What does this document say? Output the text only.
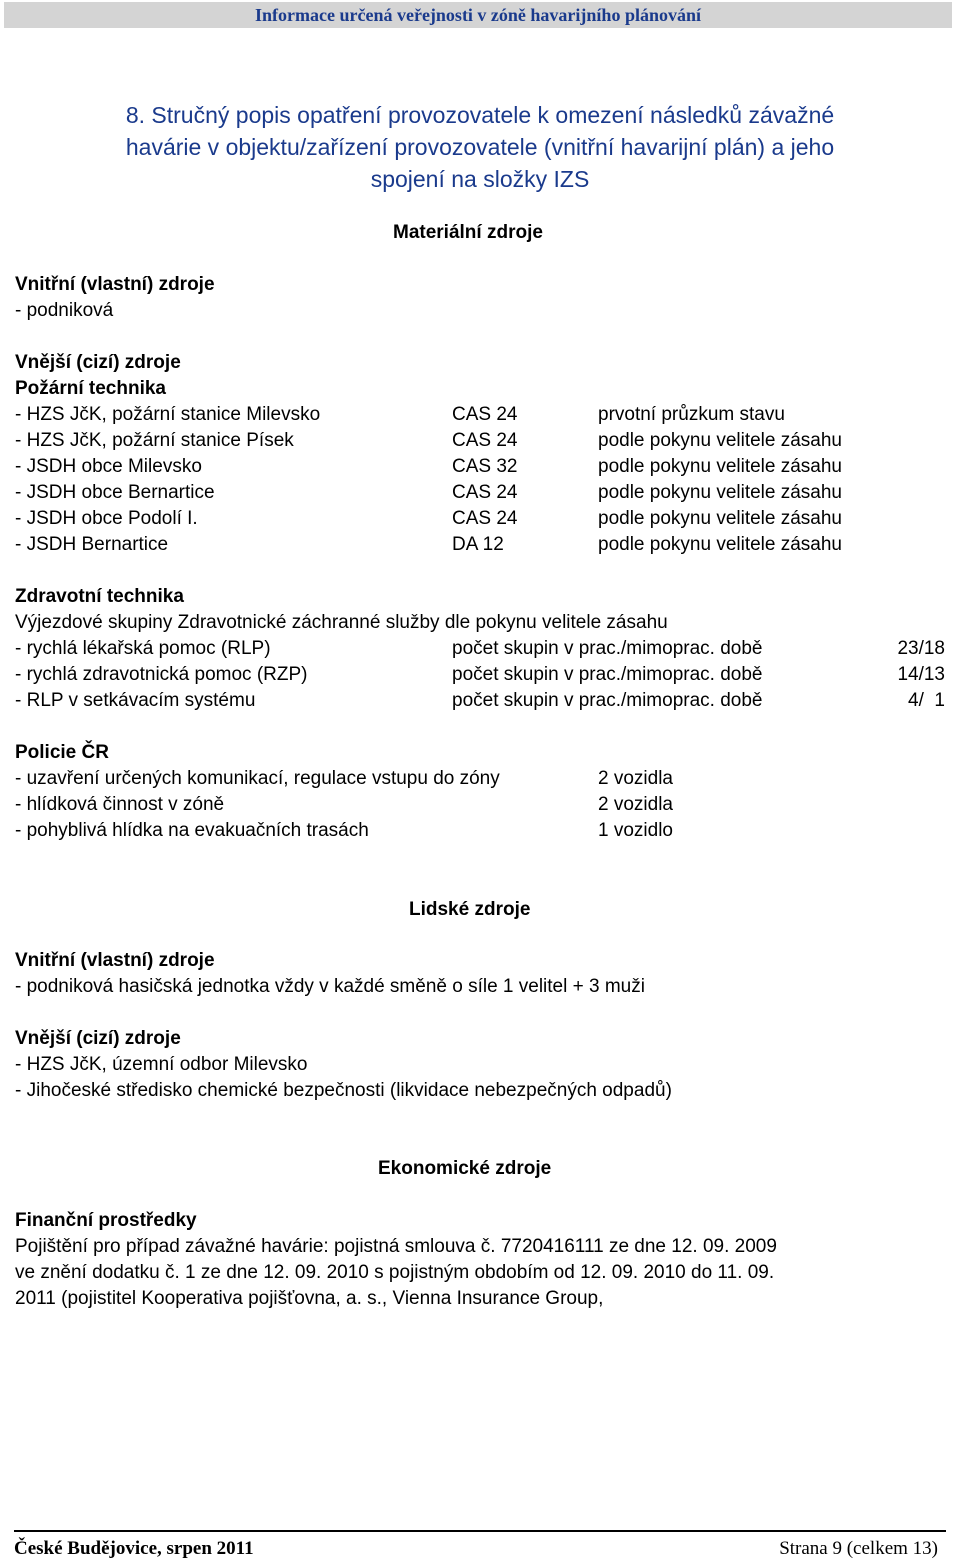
Informace určená veřejnosti v zóně havarijního plánování
8. Stručný popis opatření provozovatele k omezení následků závažné
havárie v objektu/zařízení provozovatele (vnitřní havarijní plán) a jeho
spojení na složky IZS
Materiální zdroje
Vnitřní (vlastní) zdroje
- podniková
Vnější (cizí) zdroje
Požární technika
- HZS JčK, požární stanice Milevsko	CAS 24	prvotní průzkum stavu
- HZS JčK, požární stanice Písek	CAS 24	podle pokynu velitele zásahu
- JSDH obce Milevsko	CAS 32	podle pokynu velitele zásahu
- JSDH obce Bernartice	CAS 24	podle pokynu velitele zásahu
- JSDH obce Podolí I.	CAS 24	podle pokynu velitele zásahu
- JSDH Bernartice	DA 12	podle pokynu velitele zásahu
Zdravotní technika
Výjezdové skupiny Zdravotnické záchranné služby dle pokynu velitele zásahu
- rychlá lékařská pomoc (RLP)	počet skupin v prac./mimoprac. době	23/18
- rychlá zdravotnická pomoc (RZP)	počet skupin v prac./mimoprac. době	14/13
- RLP v setkávacím systému	počet skupin v prac./mimoprac. době	4/  1
Policie ČR
- uzavření určených komunikací, regulace vstupu do zóny	2 vozidla
- hlídková činnost v zóně	2 vozidla
- pohyblivá hlídka na evakuačních trasách	1 vozidlo
Lidské zdroje
Vnitřní (vlastní) zdroje
- podniková hasičská jednotka vždy v každé směně o síle 1 velitel + 3 muži
Vnější (cizí) zdroje
- HZS JčK, územní odbor Milevsko
- Jihočeské středisko chemické bezpečnosti (likvidace nebezpečných odpadů)
Ekonomické zdroje
Finanční prostředky
Pojištění pro případ závažné havárie: pojistná smlouva č. 7720416111 ze dne 12. 09. 2009
ve znění dodatku č. 1 ze dne 12. 09. 2010 s pojistným obdobím od 12. 09. 2010 do 11. 09.
2011 (pojistitel Kooperativa pojišťovna, a. s., Vienna Insurance Group,
České Budějovice, srpen 2011	Strana 9 (celkem 13)
